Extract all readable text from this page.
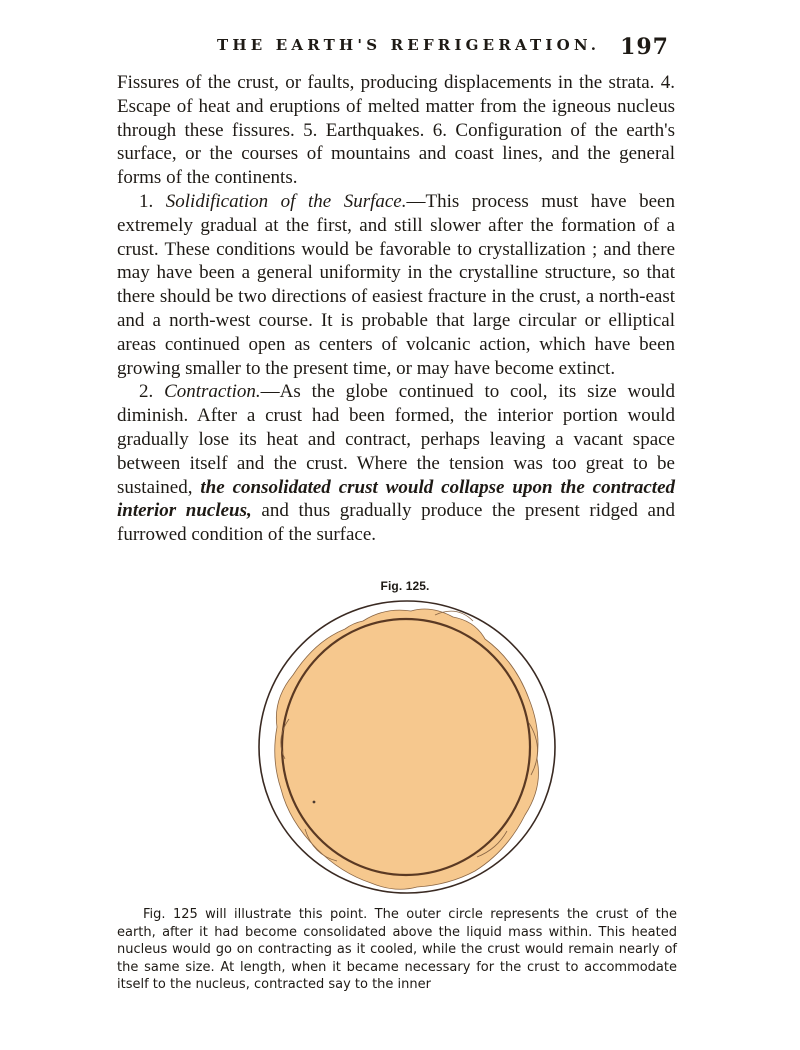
THE EARTH'S REFRIGERATION. 197

Fissures of the crust, or faults, producing displacements in the strata. 4. Escape of heat and eruptions of melted matter from the igneous nucleus through these fissures. 5. Earthquakes. 6. Configuration of the earth's surface, or the courses of mountains and coast lines, and the general forms of the continents.

1. Solidification of the Surface.—This process must have been extremely gradual at the first, and still slower after the formation of a crust. These conditions would be favorable to crystallization ; and there may have been a general uniformity in the crystalline structure, so that there should be two directions of easiest fracture in the crust, a north-east and a north-west course. It is probable that large circular or elliptical areas continued open as centers of volcanic action, which have been growing smaller to the present time, or may have become extinct.

2. Contraction.—As the globe continued to cool, its size would diminish. After a crust had been formed, the interior portion would gradually lose its heat and contract, perhaps leaving a vacant space between itself and the crust. Where the tension was too great to be sustained, the consolidated crust would collapse upon the contracted interior nucleus, and thus gradually produce the present ridged and furrowed condition of the surface.

Fig. 125.

Fig. 125 will illustrate this point. The outer circle represents the crust of the earth, after it had become consolidated above the liquid mass within. This heated nucleus would go on contracting as it cooled, while the crust would remain nearly of the same size. At length, when it became necessary for the crust to accommodate itself to the nucleus, contracted say to the inner
